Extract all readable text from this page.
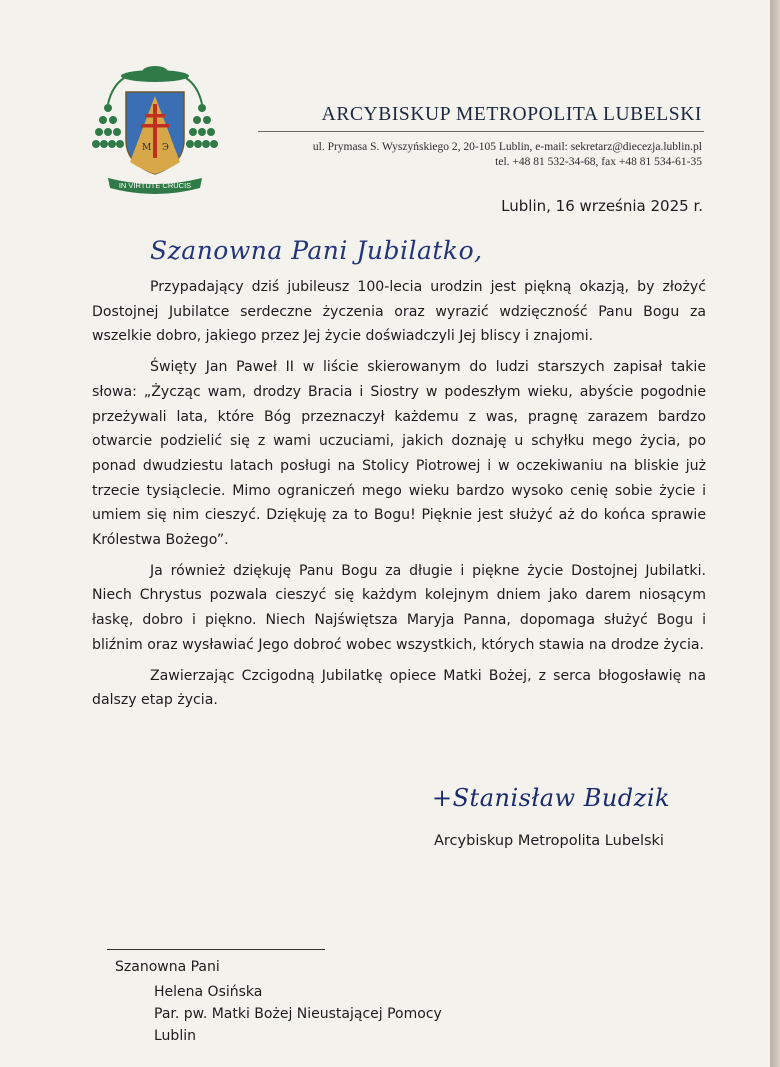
M Э
IN VIRTUTE CRUCIS
ARCYBISKUP METROPOLITA LUBELSKI
ul. Prymasa S. Wyszyńskiego 2, 20-105 Lublin, e-mail: sekretarz@diecezja.lublin.pl
tel. +48 81 532-34-68, fax +48 81 534-61-35
Lublin, 16 września 2025 r.
Szanowna Pani Jubilatko,

Przypadający dziś jubileusz 100-lecia urodzin jest piękną okazją, by złożyć Dostojnej Jubilatce serdeczne życzenia oraz wyrazić wdzięczność Panu Bogu za wszelkie dobro, jakiego przez Jej życie doświadczyli Jej bliscy i znajomi.

Święty Jan Paweł II w liście skierowanym do ludzi starszych zapisał takie słowa: „Życząc wam, drodzy Bracia i Siostry w podeszłym wieku, abyście pogodnie przeżywali lata, które Bóg przeznaczył każdemu z was, pragnę zarazem bardzo otwarcie podzielić się z wami uczuciami, jakich doznaję u schyłku mego życia, po ponad dwudziestu latach posługi na Stolicy Piotrowej i w oczekiwaniu na bliskie już trzecie tysiąclecie. Mimo ograniczeń mego wieku bardzo wysoko cenię sobie życie i umiem się nim cieszyć. Dziękuję za to Bogu! Pięknie jest służyć aż do końca sprawie Królestwa Bożego”.

Ja również dziękuję Panu Bogu za długie i piękne życie Dostojnej Jubilatki. Niech Chrystus pozwala cieszyć się każdym kolejnym dniem jako darem niosącym łaskę, dobro i piękno. Niech Najświętsza Maryja Panna, dopomaga służyć Bogu i bliźnim oraz wysławiać Jego dobroć wobec wszystkich, których stawia na drodze życia.

Zawierzając Czcigodną Jubilatkę opiece Matki Bożej, z serca błogosławię na dalszy etap życia.

+Stanisław Budzik
Arcybiskup Metropolita Lubelski
Szanowna Pani
Helena Osińska
Par. pw. Matki Bożej Nieustającej Pomocy
Lublin
